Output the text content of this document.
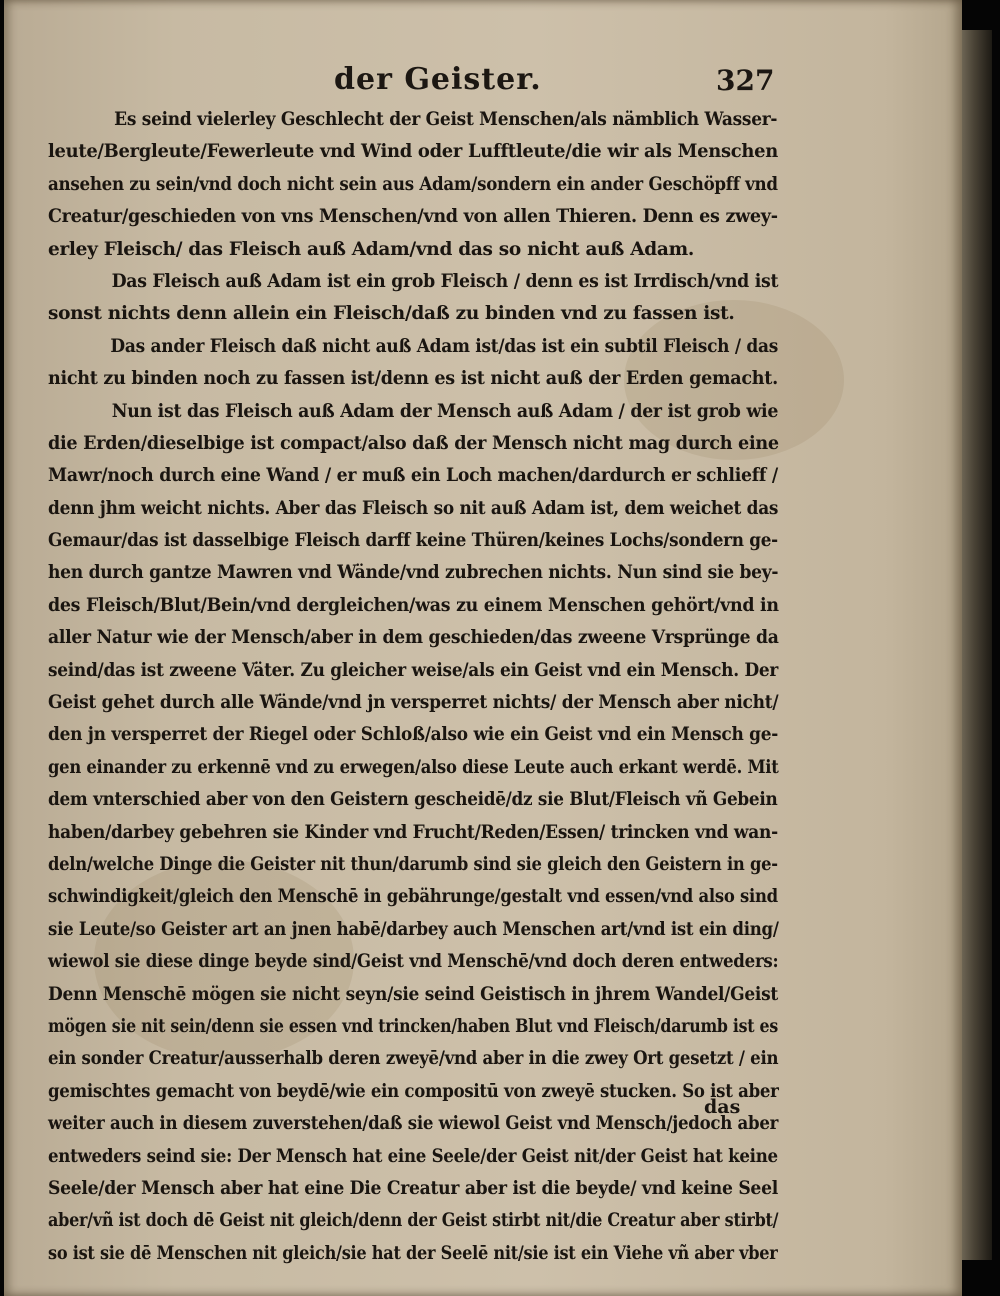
der Geister.	327
Es seind vielerley Geschlecht der Geist Menschen/als nämblich Wasser-
leute/Bergleute/Fewerleute vnd Wind oder Lufftleute/die wir als Menschen
ansehen zu sein/vnd doch nicht sein aus Adam/sondern ein ander Geschöpff vnd
Creatur/geschieden von vns Menschen/vnd von allen Thieren. Denn es zwey-
erley Fleisch/ das Fleisch auß Adam/vnd das so nicht auß Adam.
Das Fleisch auß Adam ist ein grob Fleisch / denn es ist Irrdisch/vnd ist
sonst nichts denn allein ein Fleisch/daß zu binden vnd zu fassen ist.
Das ander Fleisch daß nicht auß Adam ist/das ist ein subtil Fleisch / das
nicht zu binden noch zu fassen ist/denn es ist nicht auß der Erden gemacht.
Nun ist das Fleisch auß Adam der Mensch auß Adam / der ist grob wie
die Erden/dieselbige ist compact/also daß der Mensch nicht mag durch eine
Mawr/noch durch eine Wand / er muß ein Loch machen/dardurch er schlieff /
denn jhm weicht nichts. Aber das Fleisch so nit auß Adam ist, dem weichet das
Gemaur/das ist dasselbige Fleisch darff keine Thüren/keines Lochs/sondern ge-
hen durch gantze Mawren vnd Wände/vnd zubrechen nichts. Nun sind sie bey-
des Fleisch/Blut/Bein/vnd dergleichen/was zu einem Menschen gehört/vnd in
aller Natur wie der Mensch/aber in dem geschieden/das zweene Vrsprünge da
seind/das ist zweene Väter. Zu gleicher weise/als ein Geist vnd ein Mensch. Der
Geist gehet durch alle Wände/vnd jn versperret nichts/ der Mensch aber nicht/
den jn versperret der Riegel oder Schloß/also wie ein Geist vnd ein Mensch ge-
gen einander zu erkennē vnd zu erwegen/also diese Leute auch erkant werdē. Mit
dem vnterschied aber von den Geistern gescheidē/dz sie Blut/Fleisch vñ Gebein
haben/darbey gebehren sie Kinder vnd Frucht/Reden/Essen/ trincken vnd wan-
deln/welche Dinge die Geister nit thun/darumb sind sie gleich den Geistern in ge-
schwindigkeit/gleich den Menschē in gebährunge/gestalt vnd essen/vnd also sind
sie Leute/so Geister art an jnen habē/darbey auch Menschen art/vnd ist ein ding/
wiewol sie diese dinge beyde sind/Geist vnd Menschē/vnd doch deren entweders:
Denn Menschē mögen sie nicht seyn/sie seind Geistisch in jhrem Wandel/Geist
mögen sie nit sein/denn sie essen vnd trincken/haben Blut vnd Fleisch/darumb ist es
ein sonder Creatur/ausserhalb deren zweyē/vnd aber in die zwey Ort gesetzt / ein
gemischtes gemacht von beydē/wie ein compositū von zweyē stucken. So ist aber
weiter auch in diesem zuverstehen/daß sie wiewol Geist vnd Mensch/jedoch aber
entweders seind sie: Der Mensch hat eine Seele/der Geist nit/der Geist hat keine
Seele/der Mensch aber hat eine Die Creatur aber ist die beyde/ vnd keine Seel
aber/vñ ist doch dē Geist nit gleich/denn der Geist stirbt nit/die Creatur aber stirbt/
so ist sie dē Menschen nit gleich/sie hat der Seelē nit/sie ist ein Viehe vñ aber vber
das
